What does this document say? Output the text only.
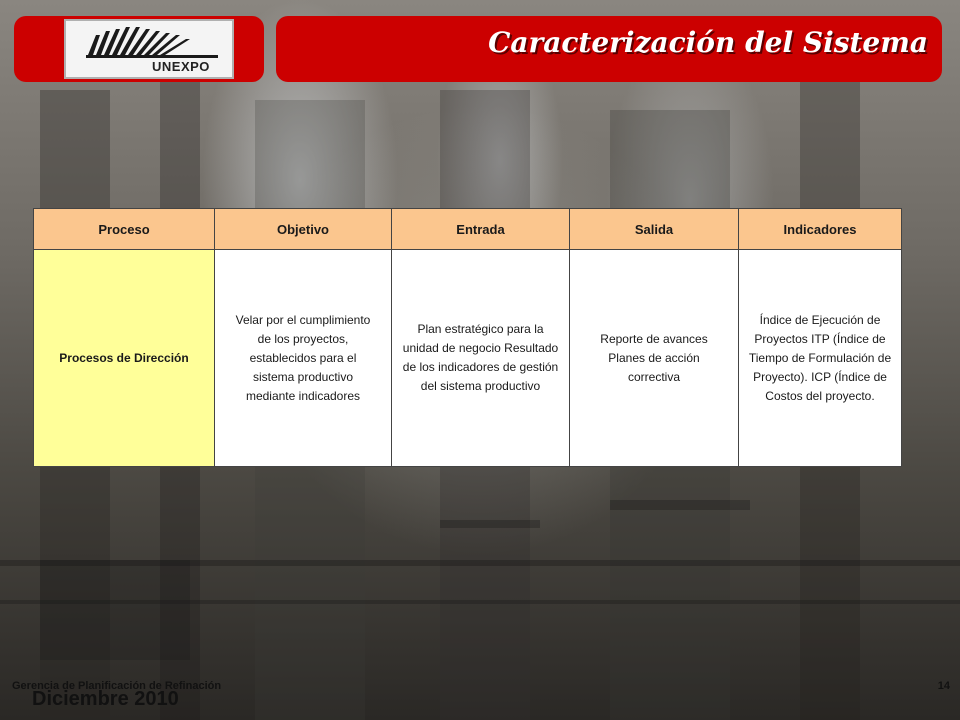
UNEXPO
Caracterización del Sistema
Proceso	Objetivo	Entrada	Salida	Indicadores
Procesos de Dirección	Velar por el cumplimiento de los proyectos, establecidos para el sistema productivo mediante indicadores	Plan estratégico para la unidad de negocio Resultado de los indicadores de gestión del sistema productivo	Reporte de avances Planes de acción correctiva	Índice de Ejecución de Proyectos ITP (Índice de Tiempo de Formulación de Proyecto). ICP (Índice de Costos del proyecto.
Diciembre 2010
Gerencia de Planificación de Refinación	14
